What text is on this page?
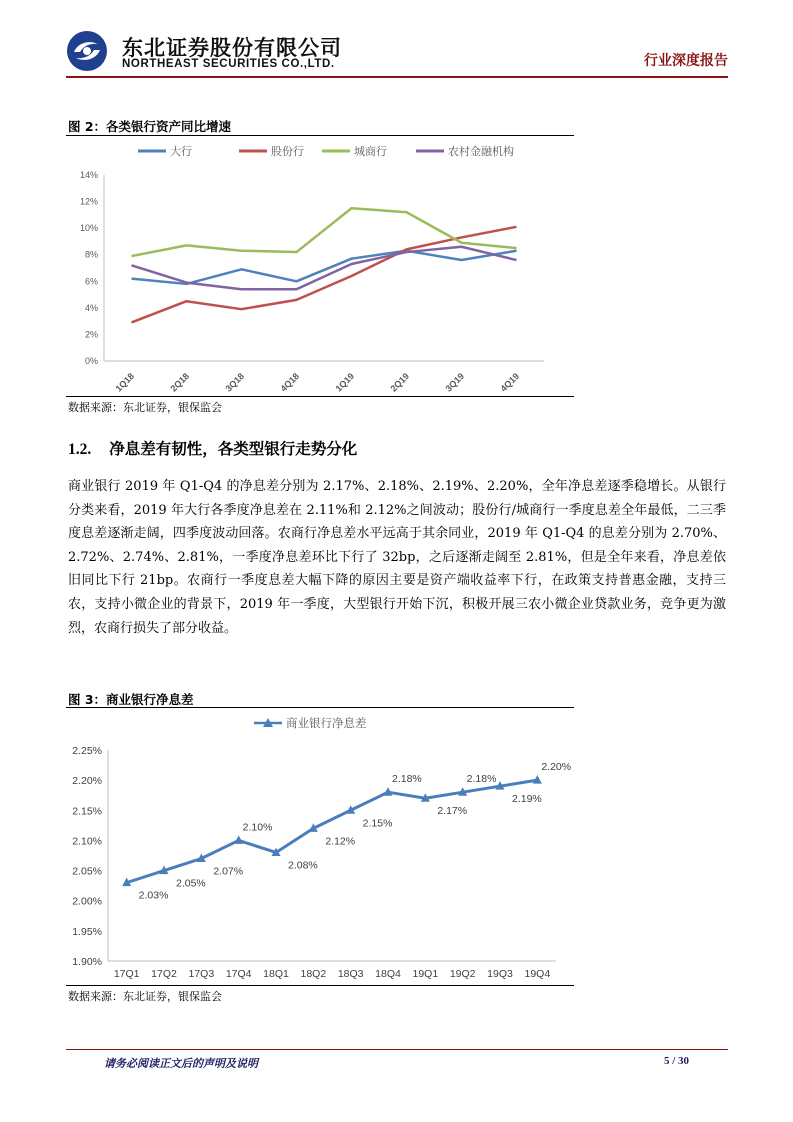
东北证券股份有限公司
NORTHEAST SECURITIES CO.,LTD.	行业深度报告
图 2：各类银行资产同比增速
0%
2%
4%
6%
8%
10%
12%
14%
1Q18	2Q18	3Q18	4Q18	1Q19	2Q19	3Q19	4Q19
大行	股份行	城商行	农村金融机构
数据来源：东北证券，银保监会
1.2. 净息差有韧性，各类型银行走势分化
商业银行 2019 年 Q1-Q4 的净息差分别为 2.17%、2.18%、2.19%、2.20%，全年净息差逐季稳增长。从银行分类来看，2019 年大行各季度净息差在 2.11%和 2.12%之间波动；股份行/城商行一季度息差全年最低，二三季度息差逐渐走阔，四季度波动回落。农商行净息差水平远高于其余同业，2019 年 Q1-Q4 的息差分别为 2.70%、2.72%、2.74%、2.81%，一季度净息差环比下行了 32bp，之后逐渐走阔至 2.81%，但是全年来看，净息差依旧同比下行 21bp。农商行一季度息差大幅下降的原因主要是资产端收益率下行，在政策支持普惠金融，支持三农，支持小微企业的背景下，2019 年一季度，大型银行开始下沉，积极开展三农小微企业贷款业务，竞争更为激烈，农商行损失了部分收益。
图 3：商业银行净息差
1.90%
1.95%
2.00%
2.05%
2.10%
2.15%
2.20%
2.25%
17Q1 17Q2 17Q3 17Q4 18Q1 18Q2 18Q3 18Q4 19Q1 19Q2 19Q3 19Q4
商业银行净息差
2.03%
2.05%
2.07%
2.10%
2.08%
2.12%
2.15%
2.18%
2.17%
2.18%
2.19%
2.20%
数据来源：东北证券，银保监会
请务必阅读正文后的声明及说明	5 / 30
